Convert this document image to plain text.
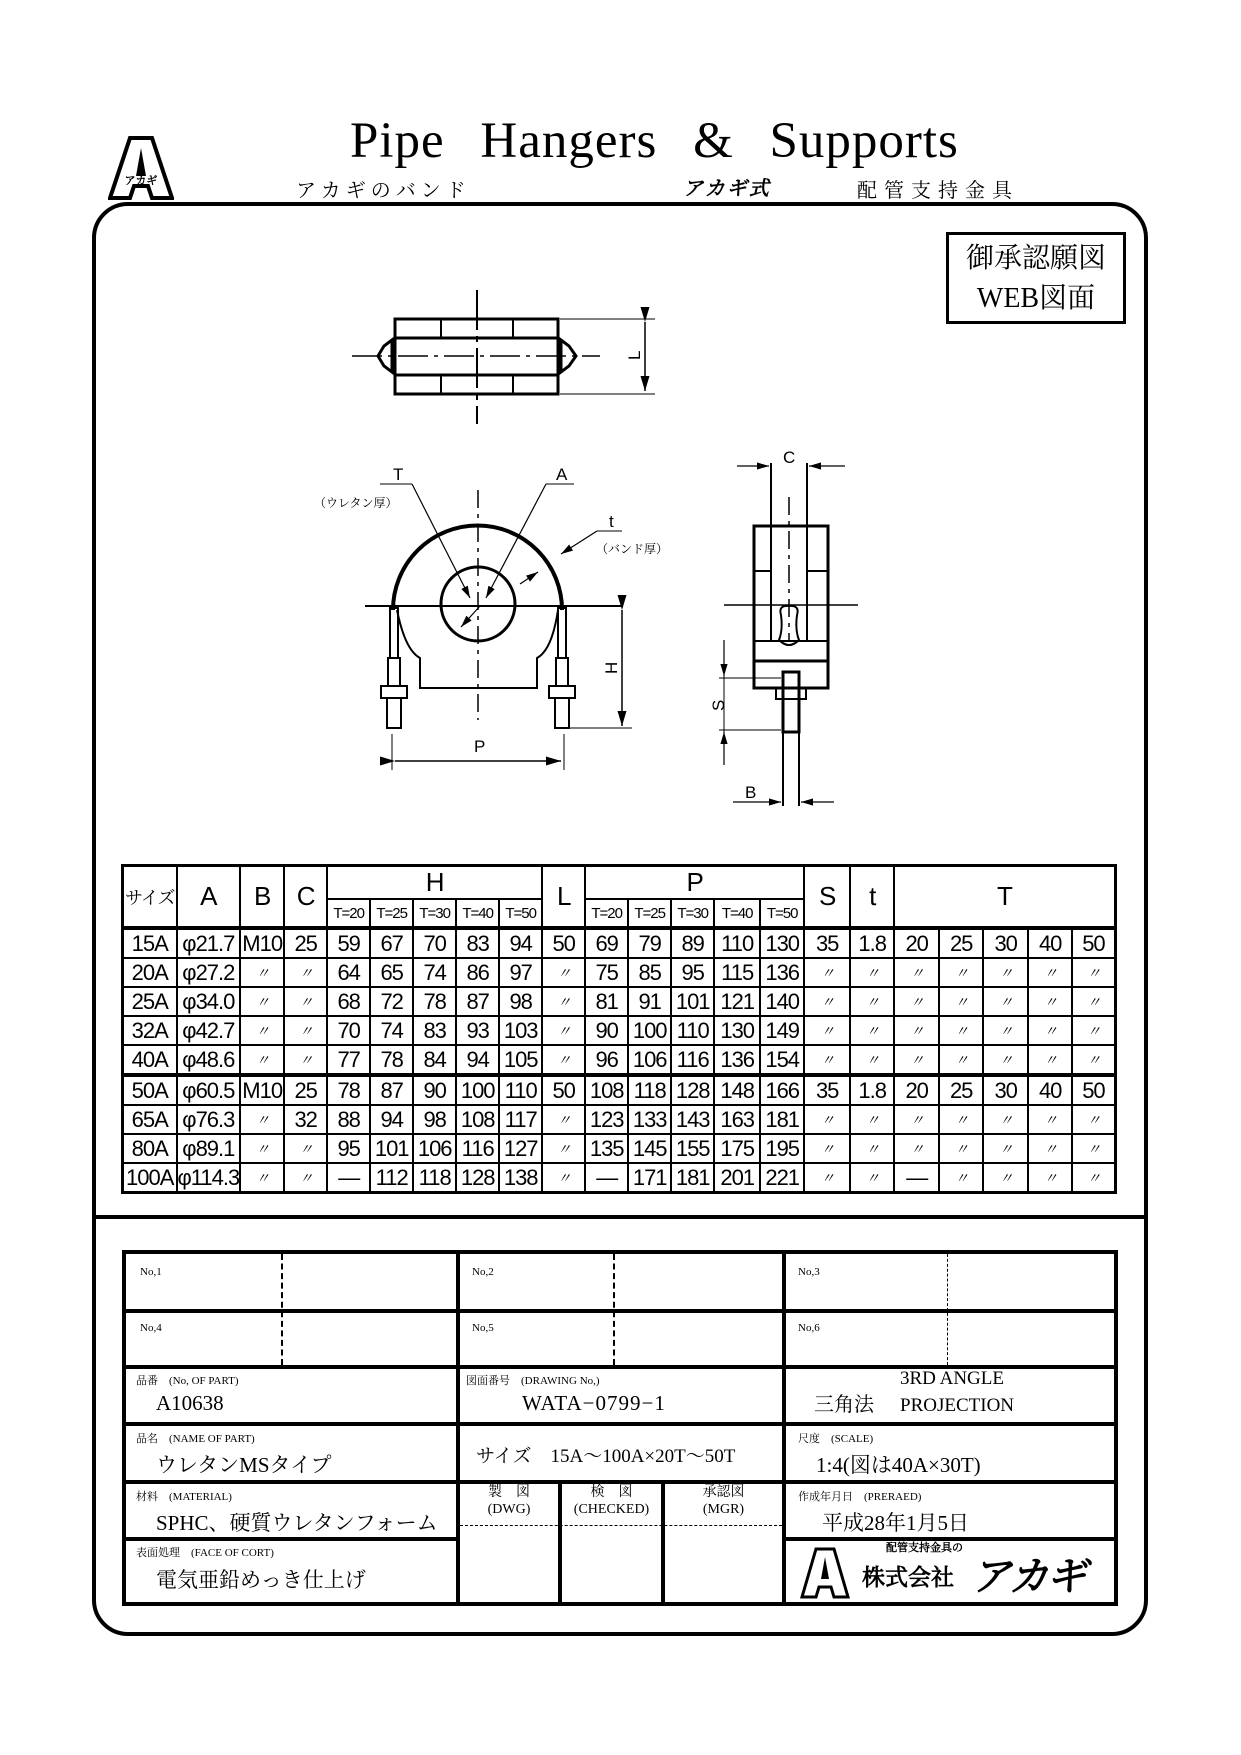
アカギ
Pipe Hangers & Supports
アカギのバンド	アカギ式	配管支持金具
御承認願図
WEB図面
L
T
（ウレタン厚）
A
t
（バンド厚）
P
H
C
S
B
サイズ	A	B	C	H					L	P					S	t	T				
				T=20	T=25	T=30	T=40	T=50		T=20	T=25	T=30	T=40	T=50							
15A	φ21.7	M10	25	59	67	70	83	94	50	69	79	89	110	130	35	1.8	20	25	30	40	50
20A	φ27.2	〃	〃	64	65	74	86	97	〃	75	85	95	115	136	〃	〃	〃	〃	〃	〃	〃
25A	φ34.0	〃	〃	68	72	78	87	98	〃	81	91	101	121	140	〃	〃	〃	〃	〃	〃	〃
32A	φ42.7	〃	〃	70	74	83	93	103	〃	90	100	110	130	149	〃	〃	〃	〃	〃	〃	〃
40A	φ48.6	〃	〃	77	78	84	94	105	〃	96	106	116	136	154	〃	〃	〃	〃	〃	〃	〃
50A	φ60.5	M10	25	78	87	90	100	110	50	108	118	128	148	166	35	1.8	20	25	30	40	50
65A	φ76.3	〃	32	88	94	98	108	117	〃	123	133	143	163	181	〃	〃	〃	〃	〃	〃	〃
80A	φ89.1	〃	〃	95	101	106	116	127	〃	135	145	155	175	195	〃	〃	〃	〃	〃	〃	〃
100A	φ114.3	〃	〃	—	112	118	128	138	〃	—	171	181	201	221	〃	〃	—	〃	〃	〃	〃
No,1	No,2	No,3
No,4	No,5	No,6
品番　(No, OF PART)
A10638
図面番号　(DRAWING No,)
WATA−0799−1	三角法
3RD ANGLE
PROJECTION
品名　(NAME OF PART)
ウレタンMSタイプ	サイズ　15A～100A×20T～50T
尺度　(SCALE)
1:4(図は40A×30T)
材料　(MATERIAL)
SPHC、硬質ウレタンフォーム
製　図
(DWG)
検　図
(CHECKED)
承認図
(MGR)
作成年月日　(PRERAED)
平成28年1月5日
表面処理　(FACE OF CORT)
電気亜鉛めっき仕上げ
配管支持金具の
株式会社 アカギ
